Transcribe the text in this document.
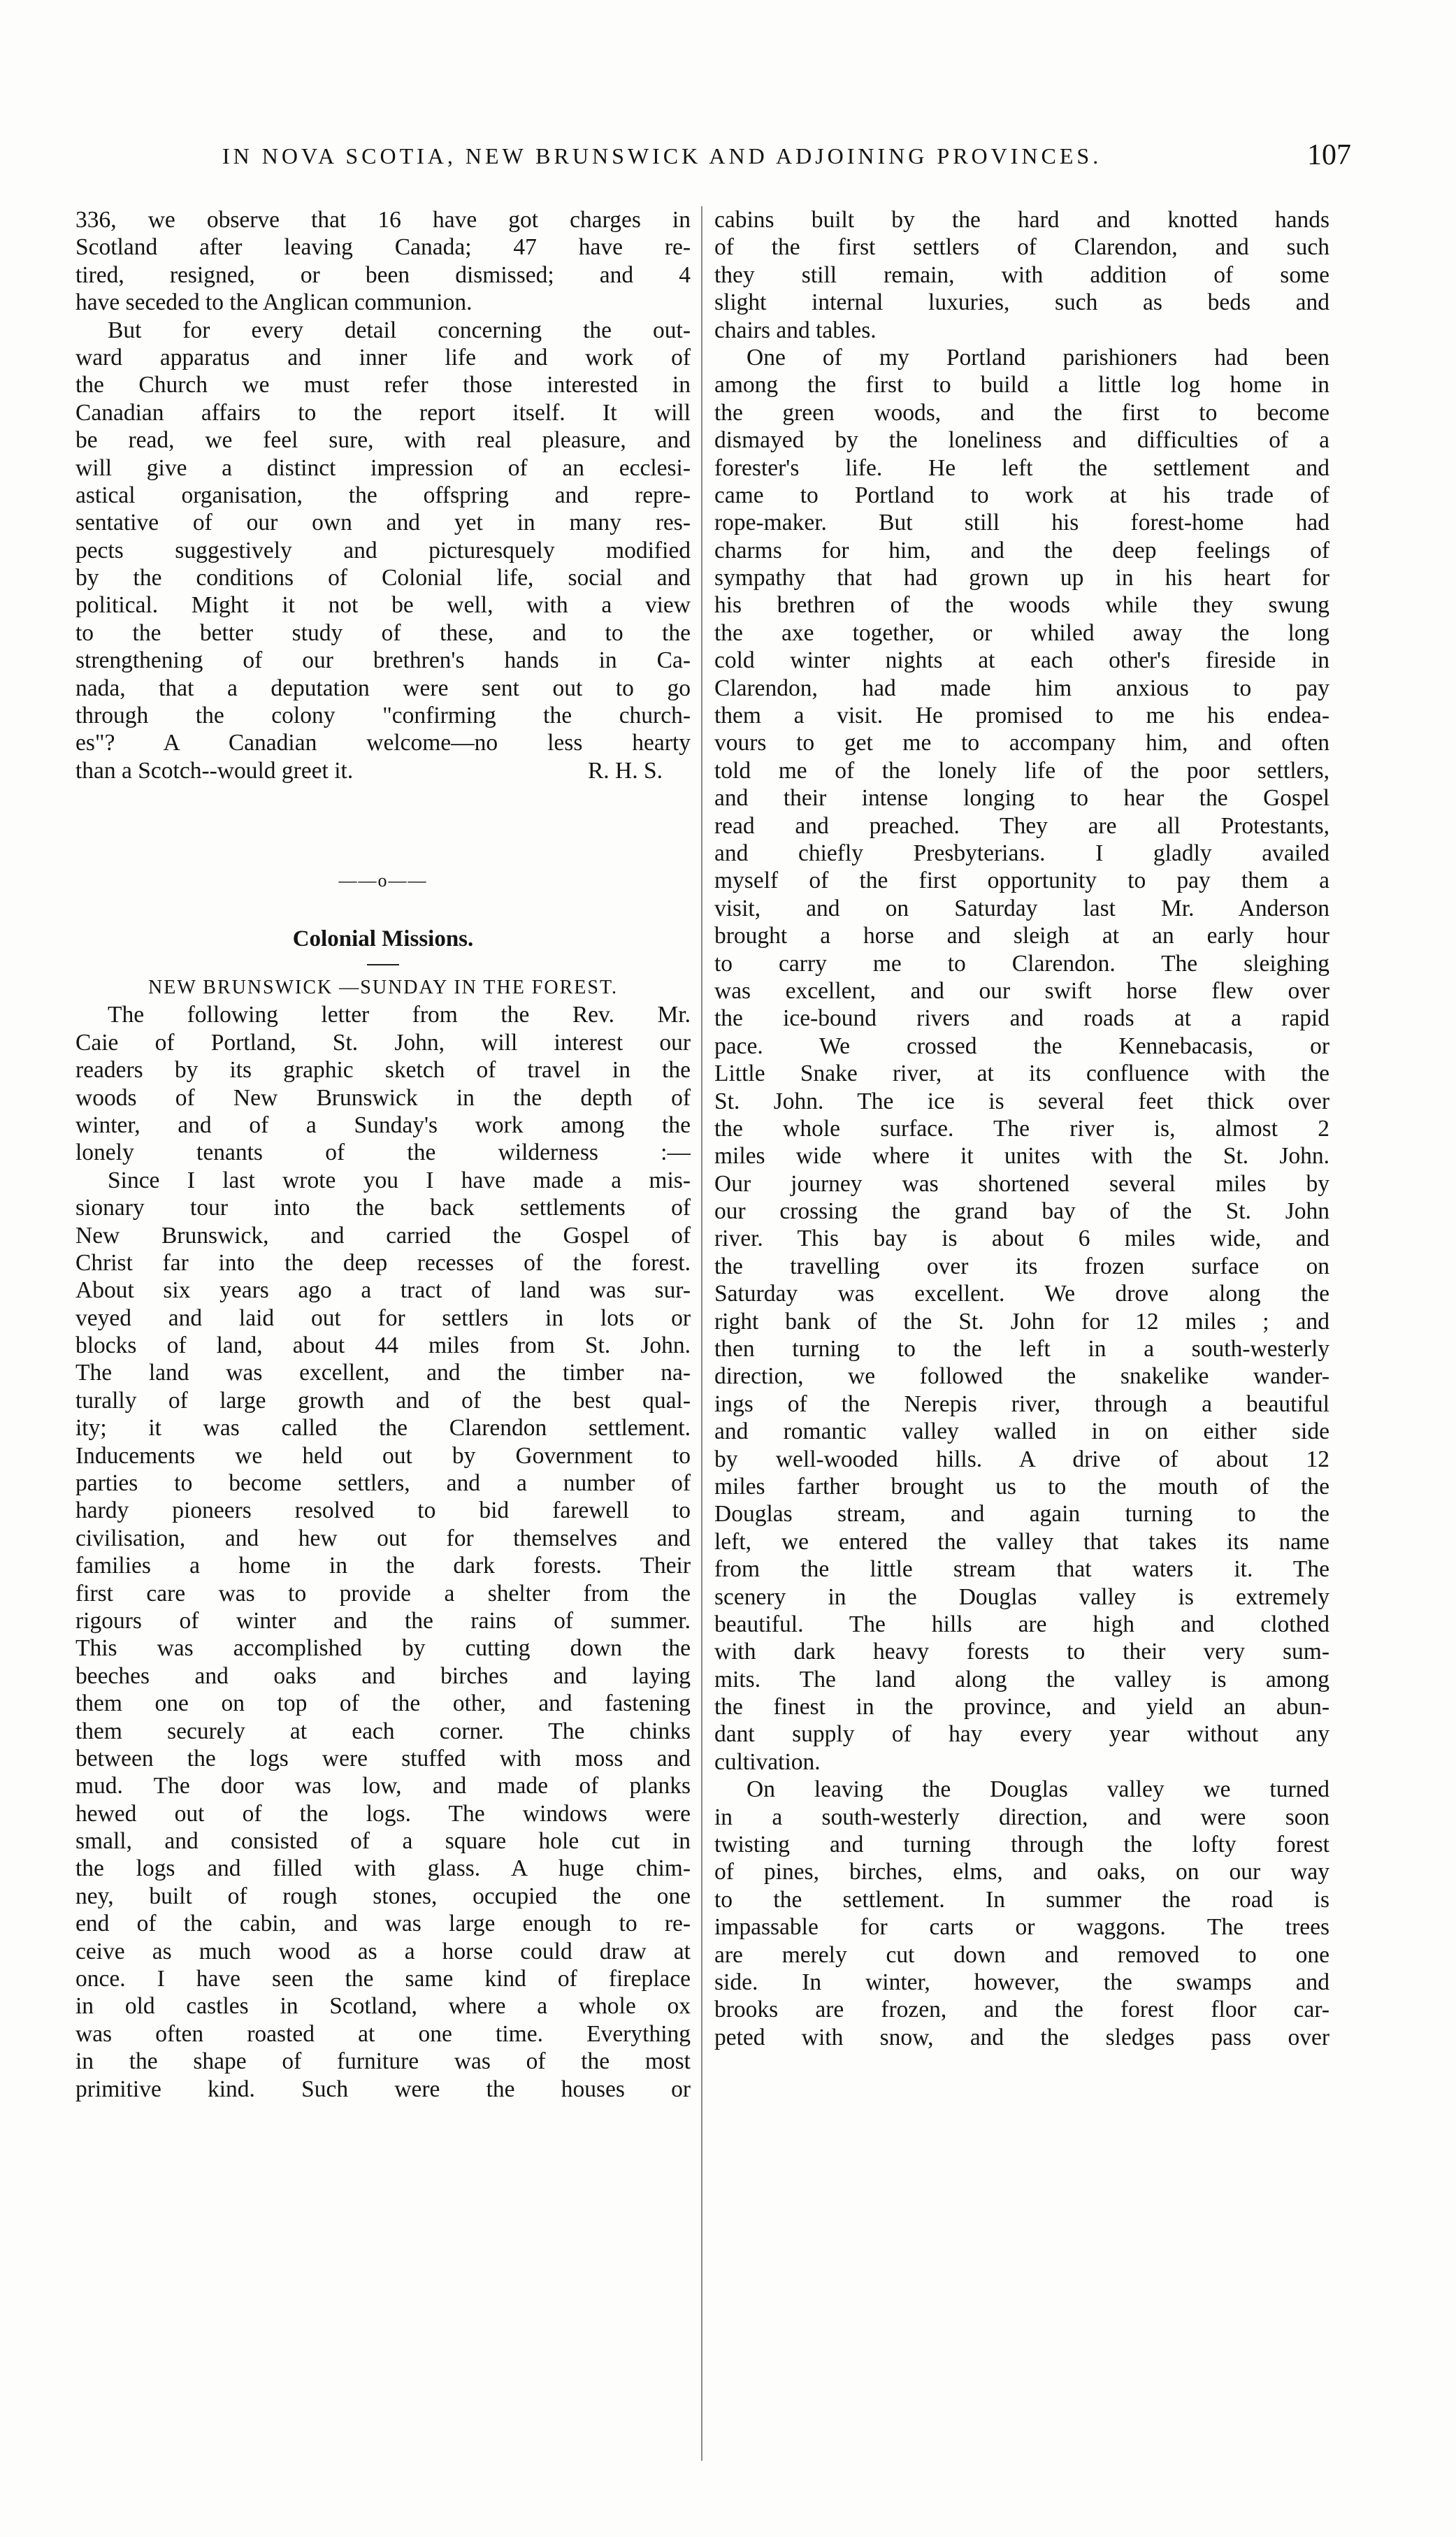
IN NOVA SCOTIA, NEW BRUNSWICK AND ADJOINING PROVINCES.	107
336, we observe that 16 have got charges in
Scotland after leaving Canada; 47 have re-
tired, resigned, or been dismissed; and 4
have seceded to the Anglican communion.
But for every detail concerning the out-
ward apparatus and inner life and work of
the Church we must refer those interested in
Canadian affairs to the report itself. It will
be read, we feel sure, with real pleasure, and
will give a distinct impression of an ecclesi-
astical organisation, the offspring and repre-
sentative of our own and yet in many res-
pects suggestively and picturesquely modified
by the conditions of Colonial life, social and
political. Might it not be well, with a view
to the better study of these, and to the
strengthening of our brethren's hands in Ca-
nada, that a deputation were sent out to go
through the colony "confirming the church-
es"? A Canadian welcome—no less hearty
than a Scotch--would greet it.	R. H. S.
——o——
Colonial Missions.
NEW BRUNSWICK —SUNDAY IN THE FOREST.
The following letter from the Rev. Mr.
Caie of Portland, St. John, will interest our
readers by its graphic sketch of travel in the
woods of New Brunswick in the depth of
winter, and of a Sunday's work among the
lonely tenants of the wilderness :—
Since I last wrote you I have made a mis-
sionary tour into the back settlements of
New Brunswick, and carried the Gospel of
Christ far into the deep recesses of the forest.
About six years ago a tract of land was sur-
veyed and laid out for settlers in lots or
blocks of land, about 44 miles from St. John.
The land was excellent, and the timber na-
turally of large growth and of the best qual-
ity; it was called the Clarendon settlement.
Inducements we held out by Government to
parties to become settlers, and a number of
hardy pioneers resolved to bid farewell to
civilisation, and hew out for themselves and
families a home in the dark forests. Their
first care was to provide a shelter from the
rigours of winter and the rains of summer.
This was accomplished by cutting down the
beeches and oaks and birches and laying
them one on top of the other, and fastening
them securely at each corner. The chinks
between the logs were stuffed with moss and
mud. The door was low, and made of planks
hewed out of the logs. The windows were
small, and consisted of a square hole cut in
the logs and filled with glass. A huge chim-
ney, built of rough stones, occupied the one
end of the cabin, and was large enough to re-
ceive as much wood as a horse could draw at
once. I have seen the same kind of fireplace
in old castles in Scotland, where a whole ox
was often roasted at one time. Everything
in the shape of furniture was of the most
primitive kind. Such were the houses or
cabins built by the hard and knotted hands
of the first settlers of Clarendon, and such
they still remain, with addition of some
slight internal luxuries, such as beds and
chairs and tables.
One of my Portland parishioners had been
among the first to build a little log home in
the green woods, and the first to become
dismayed by the loneliness and difficulties of a
forester's life. He left the settlement and
came to Portland to work at his trade of
rope-maker. But still his forest-home had
charms for him, and the deep feelings of
sympathy that had grown up in his heart for
his brethren of the woods while they swung
the axe together, or whiled away the long
cold winter nights at each other's fireside in
Clarendon, had made him anxious to pay
them a visit. He promised to me his endea-
vours to get me to accompany him, and often
told me of the lonely life of the poor settlers,
and their intense longing to hear the Gospel
read and preached. They are all Protestants,
and chiefly Presbyterians. I gladly availed
myself of the first opportunity to pay them a
visit, and on Saturday last Mr. Anderson
brought a horse and sleigh at an early hour
to carry me to Clarendon. The sleighing
was excellent, and our swift horse flew over
the ice-bound rivers and roads at a rapid
pace. We crossed the Kennebacasis, or
Little Snake river, at its confluence with the
St. John. The ice is several feet thick over
the whole surface. The river is, almost 2
miles wide where it unites with the St. John.
Our journey was shortened several miles by
our crossing the grand bay of the St. John
river. This bay is about 6 miles wide, and
the travelling over its frozen surface on
Saturday was excellent. We drove along the
right bank of the St. John for 12 miles ; and
then turning to the left in a south-westerly
direction, we followed the snakelike wander-
ings of the Nerepis river, through a beautiful
and romantic valley walled in on either side
by well-wooded hills. A drive of about 12
miles farther brought us to the mouth of the
Douglas stream, and again turning to the
left, we entered the valley that takes its name
from the little stream that waters it. The
scenery in the Douglas valley is extremely
beautiful. The hills are high and clothed
with dark heavy forests to their very sum-
mits. The land along the valley is among
the finest in the province, and yield an abun-
dant supply of hay every year without any
cultivation.
On leaving the Douglas valley we turned
in a south-westerly direction, and were soon
twisting and turning through the lofty forest
of pines, birches, elms, and oaks, on our way
to the settlement. In summer the road is
impassable for carts or waggons. The trees
are merely cut down and removed to one
side. In winter, however, the swamps and
brooks are frozen, and the forest floor car-
peted with snow, and the sledges pass over
